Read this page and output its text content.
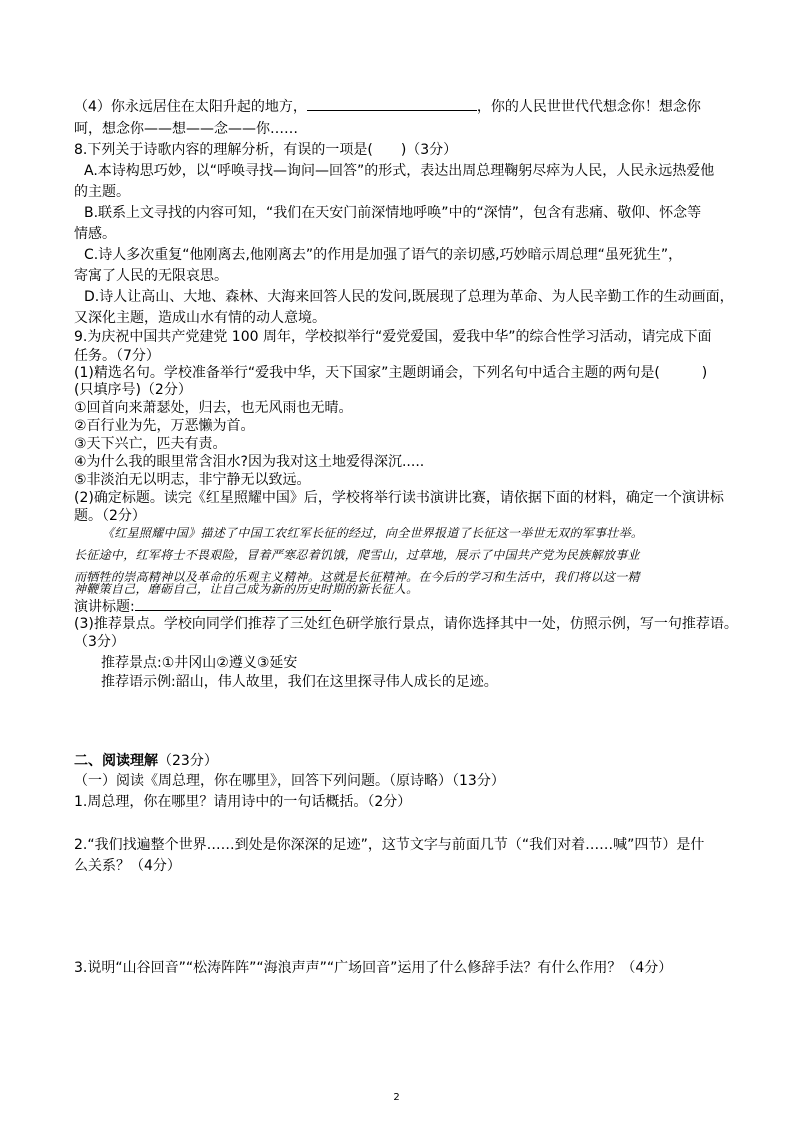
（4）你永远居住在太阳升起的地方，	，你的人民世世代代想念你！想念你
呵，想念你——想——念——你……
8.下列关于诗歌内容的理解分析，有误的一项是(　　)（3分）
A.本诗构思巧妙，以“呼唤寻找—询问—回答”的形式，表达出周总理鞠躬尽瘁为人民，人民永远热爱他
的主题。
B.联系上文寻找的内容可知，“我们在天安门前深情地呼唤”中的“深情”，包含有悲痛、敬仰、怀念等
情感。
C.诗人多次重复“他刚离去,他刚离去”的作用是加强了语气的亲切感,巧妙暗示周总理“虽死犹生”，
寄寓了人民的无限哀思。
D.诗人让高山、大地、森林、大海来回答人民的发问,既展现了总理为革命、为人民辛勤工作的生动画面，
又深化主题，造成山水有情的动人意境。
9.为庆祝中国共产党建党 100 周年，学校拟举行“爱党爱国，爱我中华”的综合性学习活动，请完成下面
任务。（7分）
(1)精选名句。学校准备举行“爱我中华，天下国家”主题朗诵会，下列名句中适合主题的两句是(　　　)
(只填序号)（2分）
①回首向来萧瑟处，归去，也无风雨也无晴。
②百行业为先，万恶懒为首。
③天下兴亡，匹夫有责。
④为什么我的眼里常含泪水?因为我对这土地爱得深沉.....
⑤非淡泊无以明志，非宁静无以致远。
(2)确定标题。读完《红星照耀中国》后，学校将举行读书演讲比赛，请依据下面的材料，确定一个演讲标
题。（2分）
《红星照耀中国》描述了中国工农红军长征的经过，向全世界报道了长征这一举世无双的军事壮举。
长征途中，红军将士不畏艰险，冒着严寒忍着饥饿，爬雪山，过草地，展示了中国共产党为民族解放事业
而牺牲的崇高精神以及革命的乐观主义精神。这就是长征精神。在今后的学习和生活中，我们将以这一精
神鞭策自己，磨砺自己，让自己成为新的历史时期的新长征人。
演讲标题:
(3)推荐景点。学校向同学们推荐了三处红色研学旅行景点，请你选择其中一处，仿照示例，写一句推荐语。
（3分）
推荐景点:①井冈山②遵义③延安
推荐语示例:韶山，伟人故里，我们在这里探寻伟人成长的足迹。
二、阅读理解（23分）
（一）阅读《周总理，你在哪里》，回答下列问题。（原诗略）（13分）
1.周总理，你在哪里？请用诗中的一句话概括。（2分）
2.“我们找遍整个世界……到处是你深深的足迹”，这节文字与前面几节（“我们对着……喊”四节）是什
么关系？（4分）
3.说明“山谷回音”“松涛阵阵”“海浪声声”“广场回音”运用了什么修辞手法？有什么作用？（4分）
2
